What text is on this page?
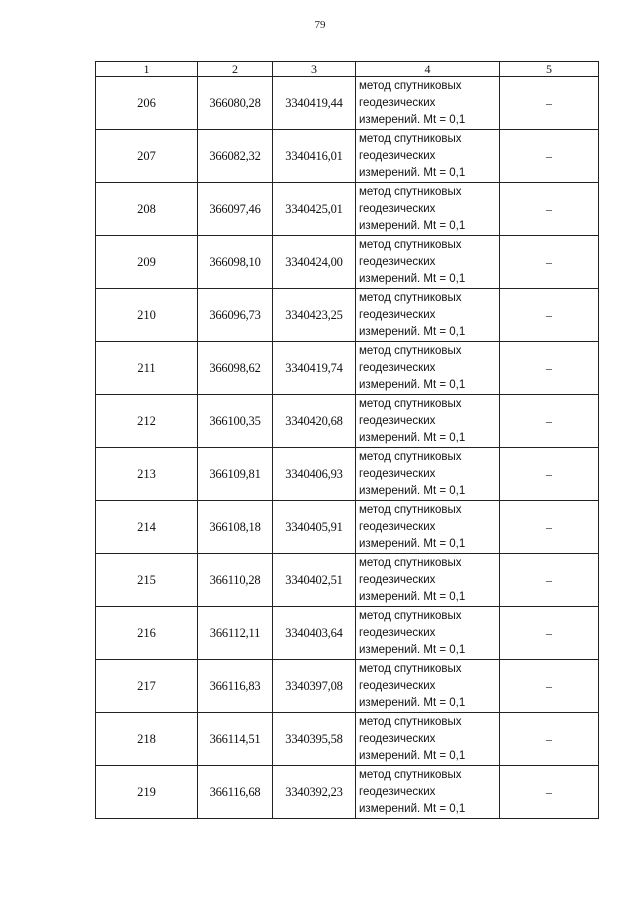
79
1	2	3	4	5
206	366080,28	3340419,44	метод спутниковых
геодезических
измерений. Mt = 0,1	–
207	366082,32	3340416,01	метод спутниковых
геодезических
измерений. Mt = 0,1	–
208	366097,46	3340425,01	метод спутниковых
геодезических
измерений. Mt = 0,1	–
209	366098,10	3340424,00	метод спутниковых
геодезических
измерений. Mt = 0,1	–
210	366096,73	3340423,25	метод спутниковых
геодезических
измерений. Mt = 0,1	–
211	366098,62	3340419,74	метод спутниковых
геодезических
измерений. Mt = 0,1	–
212	366100,35	3340420,68	метод спутниковых
геодезических
измерений. Mt = 0,1	–
213	366109,81	3340406,93	метод спутниковых
геодезических
измерений. Mt = 0,1	–
214	366108,18	3340405,91	метод спутниковых
геодезических
измерений. Mt = 0,1	–
215	366110,28	3340402,51	метод спутниковых
геодезических
измерений. Mt = 0,1	–
216	366112,11	3340403,64	метод спутниковых
геодезических
измерений. Mt = 0,1	–
217	366116,83	3340397,08	метод спутниковых
геодезических
измерений. Mt = 0,1	–
218	366114,51	3340395,58	метод спутниковых
геодезических
измерений. Mt = 0,1	–
219	366116,68	3340392,23	метод спутниковых
геодезических
измерений. Mt = 0,1	–
